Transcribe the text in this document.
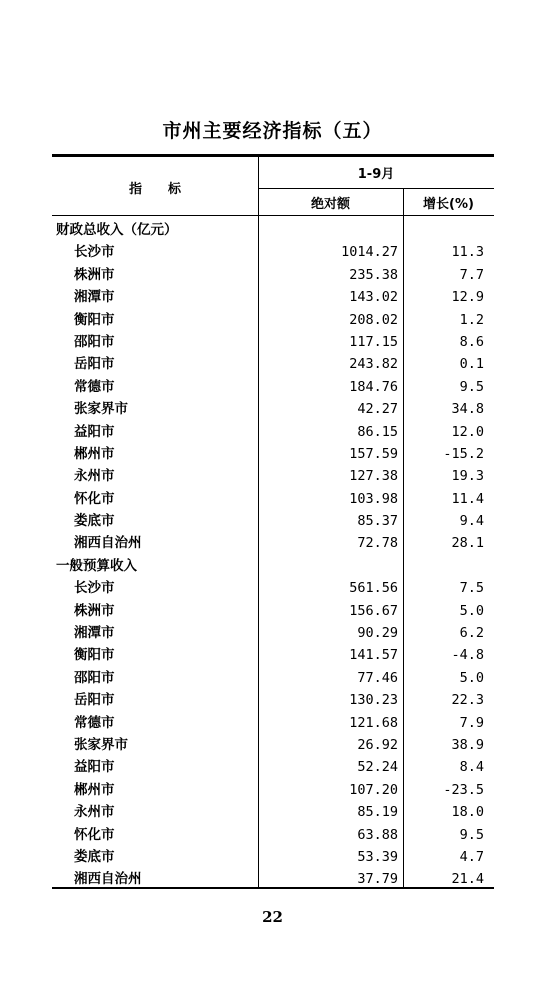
市州主要经济指标（五）
指　　标
1-9月
绝对额	增长(%)
财政总收入（亿元）
长沙市	1014.27	11.3
株洲市	235.38	7.7
湘潭市	143.02	12.9
衡阳市	208.02	1.2
邵阳市	117.15	8.6
岳阳市	243.82	0.1
常德市	184.76	9.5
张家界市	42.27	34.8
益阳市	86.15	12.0
郴州市	157.59	-15.2
永州市	127.38	19.3
怀化市	103.98	11.4
娄底市	85.37	9.4
湘西自治州	72.78	28.1
一般预算收入
长沙市	561.56	7.5
株洲市	156.67	5.0
湘潭市	90.29	6.2
衡阳市	141.57	-4.8
邵阳市	77.46	5.0
岳阳市	130.23	22.3
常德市	121.68	7.9
张家界市	26.92	38.9
益阳市	52.24	8.4
郴州市	107.20	-23.5
永州市	85.19	18.0
怀化市	63.88	9.5
娄底市	53.39	4.7
湘西自治州	37.79	21.4
22
